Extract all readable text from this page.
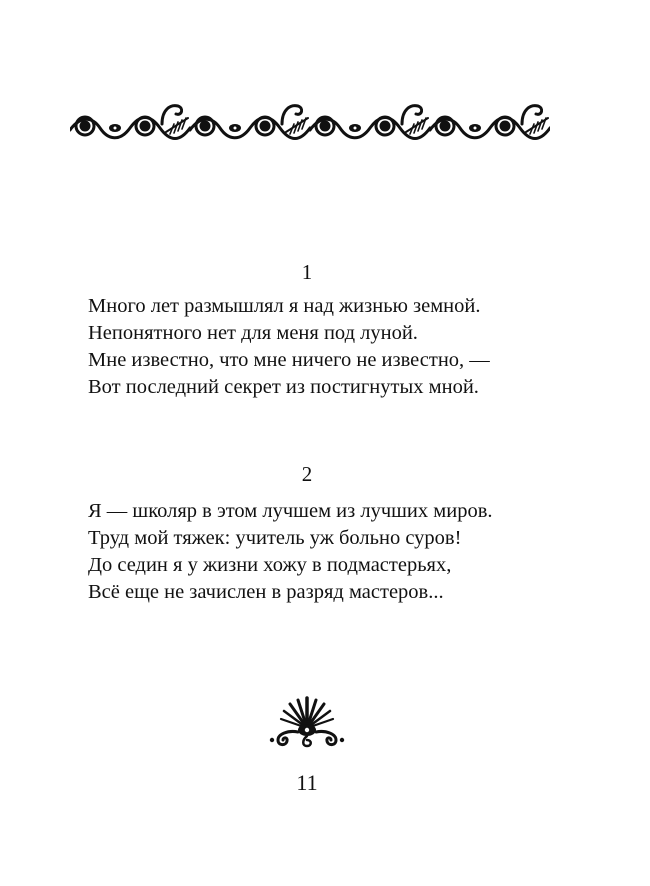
1
Много лет размышлял я над жизнью земной.
Непонятного нет для меня под луной.
Мне известно, что мне ничего не известно, —
Вот последний секрет из постигнутых мной.
2
Я — школяр в этом лучшем из лучших миров.
Труд мой тяжек: учитель уж больно суров!
До седин я у жизни хожу в подмастерьях,
Всё еще не зачислен в разряд мастеров...
11
